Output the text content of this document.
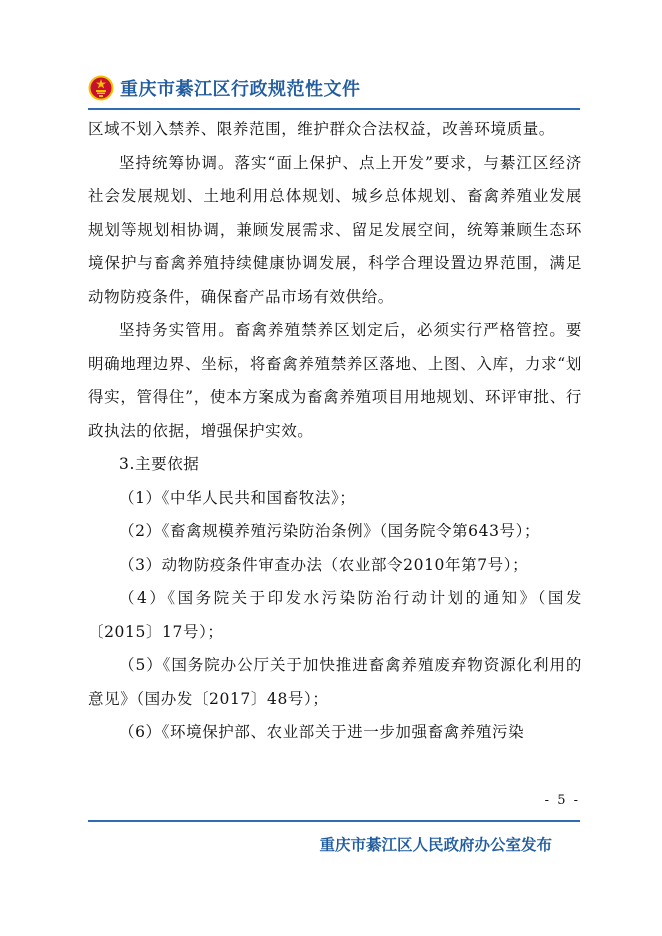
重庆市綦江区行政规范性文件

区域不划入禁养、限养范围，维护群众合法权益，改善环境质量。

坚持统筹协调。落实“面上保护、点上开发”要求，与綦江区经济社会发展规划、土地利用总体规划、城乡总体规划、畜禽养殖业发展规划等规划相协调，兼顾发展需求、留足发展空间，统筹兼顾生态环境保护与畜禽养殖持续健康协调发展，科学合理设置边界范围，满足动物防疫条件，确保畜产品市场有效供给。

坚持务实管用。畜禽养殖禁养区划定后，必须实行严格管控。要明确地理边界、坐标，将畜禽养殖禁养区落地、上图、入库，力求“划得实，管得住”，使本方案成为畜禽养殖项目用地规划、环评审批、行政执法的依据，增强保护实效。

3.主要依据

（1）《中华人民共和国畜牧法》；

（2）《畜禽规模养殖污染防治条例》（国务院令第643号）；

（3）动物防疫条件审查办法（农业部令2010年第7号）；

（4）《国务院关于印发水污染防治行动计划的通知》（国发〔2015〕17号）；

（5）《国务院办公厅关于加快推进畜禽养殖废弃物资源化利用的意见》（国办发〔2017〕48号）；

（6）《环境保护部、农业部关于进一步加强畜禽养殖污染

- 5 -
重庆市綦江区人民政府办公室发布
